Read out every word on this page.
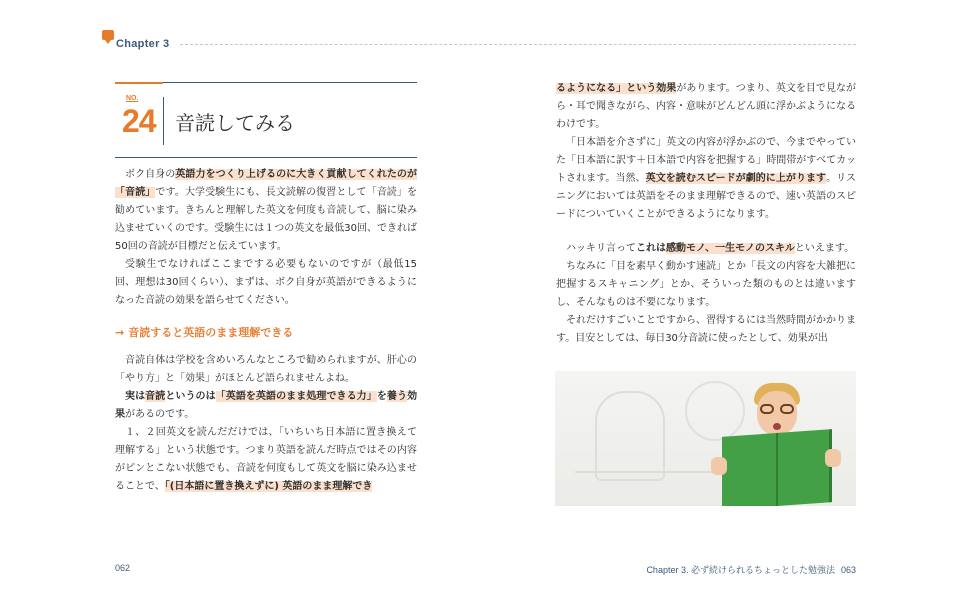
Chapter 3
NO.
24 音読してみる

ボク自身の英語力をつくり上げるのに大きく貢献してくれたのが「音読」です。大学受験生にも、長文読解の復習として「音読」を勧めています。きちんと理解した英文を何度も音読して、脳に染み込ませていくのです。受験生には１つの英文を最低30回、できれば50回の音読が目標だと伝えています。

受験生でなければここまでする必要もないのですが（最低15回、理想は30回くらい）、まずは、ボク自身が英語ができるようになった音読の効果を語らせてください。

→ 音読すると英語のまま理解できる

音読自体は学校を含めいろんなところで勧められますが、肝心の「やり方」と「効果」がほとんど語られませんよね。

実は音読というのは「英語を英語のまま処理できる力」を養う効果があるのです。

１、２回英文を読んだだけでは、「いちいち日本語に置き換えて理解する」という状態です。つまり英語を読んだ時点ではその内容がピンとこない状態でも、音読を何度もして英文を脳に染み込ませることで、「(日本語に置き換えずに) 英語のまま理解でき

るようになる」という効果があります。つまり、英文を目で見ながら・耳で聞きながら、内容・意味がどんどん頭に浮かぶようになるわけです。

「日本語を介さずに」英文の内容が浮かぶので、今までやっていた「日本語に訳す＋日本語で内容を把握する」時間帯がすべてカットされます。当然、英文を読むスピードが劇的に上がります。リスニングにおいては英語をそのまま理解できるので、速い英語のスピードについていくことができるようになります。

ハッキリ言ってこれは感動モノ、一生モノのスキルといえます。

ちなみに「目を素早く動かす速読」とか「長文の内容を大雑把に把握するスキャニング」とか、そういった類のものとは違いますし、そんなものは不要になります。

それだけすごいことですから、習得するには当然時間がかかります。目安としては、毎日30分音読に使ったとして、効果が出

062	Chapter 3. 必ず続けられるちょっとした勉強法 063
